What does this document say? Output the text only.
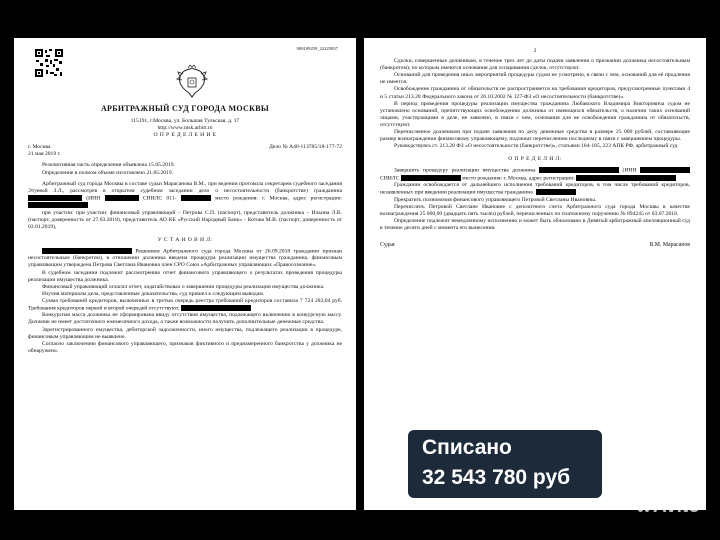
900109259_22225837
АРБИТРАЖНЫЙ СУД ГОРОДА МОСКВЫ

115191, г.Москва, ул. Большая Тульская, д. 17

http://www.msk.arbitr.ru

О П Р Е Д Е Л Е Н И Е

г. Москва	Дело № А40-113785/18-177-72

21 мая 2019 г.

Резолютивная часть определения объявлена 15.05.2019.

Определение в полном объеме изготовлено 21.05.2019.

Арбитражный суд города Москвы в составе судьи Марасанова В.М., при ведении протокола секретарем судебного заседания Этуевой З.Л., рассмотрев в открытом судебном заседании дело о несостоятельности (банкротстве) гражданина  (ИНН	СНИЛС 011-	место рождения: г. Москва, адрес регистрации:

при участии: при участии: финансовый управляющий – Петрова С.П. (паспорт), представитель должника – Ильина Л.В. (паспорт, доверенность от 27.03.2018), представитель АО КБ «Русский Народный Банк» - Котова М.В. (паспорт, доверенность от 03.01.2019),

У С Т А Н О В И Л:

Решением Арбитражного суда города Москвы от 26.09.2018 гражданин признан несостоятельным (банкротом), в отношении должника введена процедура реализации имущества гражданина, финансовым управляющим утверждена Петрова Светлана Ивановна член СРО Союз «Арбитражных управляющих «Правосознание».

В судебном заседании подлежит рассмотрению отчет финансового управляющего о результатах проведения процедуры реализации имущества должника.

Финансовый управляющий огласил отчет, ходатайствовал о завершении процедуры реализации имущества должника.

Изучив материалы дела, представленные доказательства, суд пришел к следующим выводам.

Сумма требований кредиторов, включенных в третью очередь реестра требований кредиторов составила 7 724 283,04 руб. Требования кредиторов первой и второй очередей отсутствуют.

Конкурсная масса должника не сформирована ввиду отсутствия имущества, подлежащего включению в конкурсную массу. Должник не имеет достаточного ежемесячного дохода, а также возможности получить дополнительные денежные средства.

Зарегистрированного имущества, дебиторской задолженности, иного имущества, подлежащего реализации в процедуре, финансовым управляющим не выявлено.

Согласно заключению финансового управляющего, признаков фиктивного и преднамеренного банкротства у должника не обнаружено.

2

Сделки, совершенные должником, в течение трех лет до даты подачи заявления о признании должника несостоятельным (банкротом), по которым имеются основания для оспаривания сделок, отсутствуют.

Оснований для проведения иных мероприятий процедуры судом не усмотрено, в связи с чем, оснований для её продления не имеется.

Освобождение гражданина от обязательств не распространяется на требования кредиторов, предусмотренные пунктами 4 и 5 статьи 213.28 Федерального закона от 26.10.2002 № 127-ФЗ «О несостоятельности (банкротстве)».

В период проведения процедуры реализации имущества гражданина Любавского Владимира Викторовича судом не установлено оснований, препятствующих освобождению должника от имеющихся обязательств, о наличии таких оснований лицами, участвующими в деле, не заявлено, в связи с чем, основания для не освобождения гражданина от обязательств, отсутствуют.

Перечисленное должником при подаче заявления по делу денежные средства в размере 25 000 рублей, составляющие размер вознаграждения финансовому управляющему, подлежат перечислению последнему в связи с завершением процедуры.

Руководствуясь ст. 213.28 ФЗ «О несостоятельности (банкротстве)», статьями 184-185, 223 АПК РФ, арбитражный суд

О П Р Е Д Е Л И Л:

Завершить процедуру реализации имущества должника	(ИНН  СНИЛС	место рождения: г. Москва, адрес регистрации:

Гражданин освобождается от дальнейшего исполнения требований кредиторов, в том числе требований кредиторов, незаявленных при введении реализации имущества гражданина.

Прекратить полномочия финансового управляющего Петровой Светланы Ивановны.

Перечислить Петровой Светлане Ивановне с депозитного счета Арбитражного суда города Москвы в качестве вознаграждения 25 000,00 (двадцать пять тысяч) рублей, перечисленных по платежному поручению № 894245 от 03.07.2018.

Определение подлежит немедленному исполнению и может быть обжаловано в Девятый арбитражный апелляционный суд в течение десяти дней с момента его вынесения.

Судья	В.М. Марасанов
Списано
32 543 780 руб
Avito
